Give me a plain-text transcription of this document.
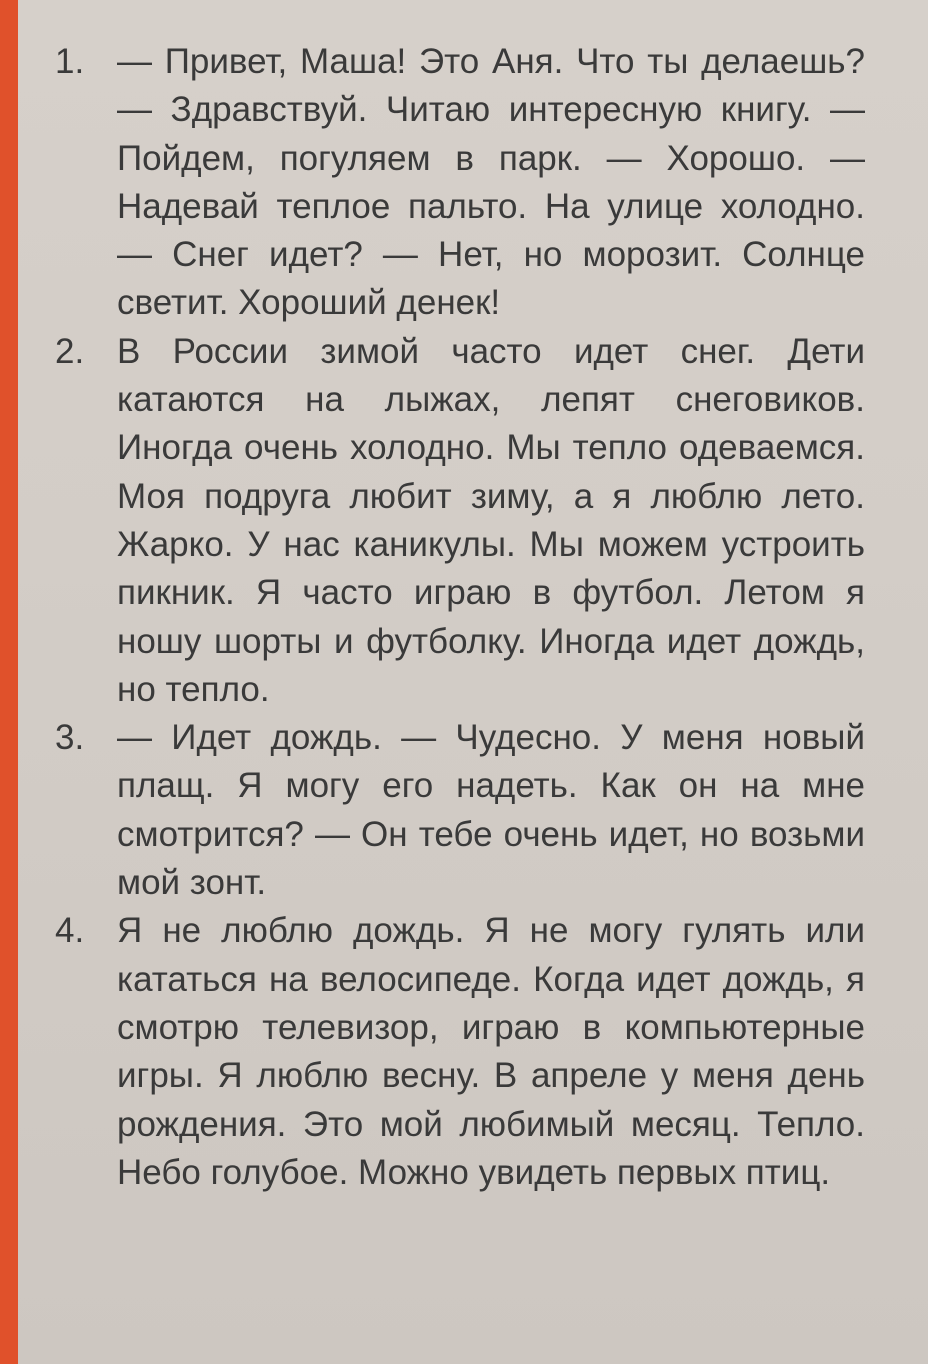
1. — Привет, Маша! Это Аня. Что ты делаешь? — Здравствуй. Читаю интересную книгу. — Пойдем, погуляем в парк. — Хорошо. — Надевай теплое пальто. На улице холодно. — Снег идет? — Нет, но морозит. Солнце светит. Хороший денек!
2. В России зимой часто идет снег. Дети катаются на лыжах, лепят снеговиков. Иногда очень холодно. Мы тепло одеваемся. Моя подруга любит зиму, а я люблю лето. Жарко. У нас каникулы. Мы можем устроить пикник. Я часто играю в футбол. Летом я ношу шорты и футболку. Иногда идет дождь, но тепло.
3. — Идет дождь. — Чудесно. У меня новый плащ. Я могу его надеть. Как он на мне смотрится? — Он тебе очень идет, но возьми мой зонт.
4. Я не люблю дождь. Я не могу гулять или кататься на велосипеде. Когда идет дождь, я смотрю телевизор, играю в компьютерные игры. Я люблю весну. В апреле у меня день рождения. Это мой любимый месяц. Тепло. Небо голубое. Можно увидеть первых птиц.
